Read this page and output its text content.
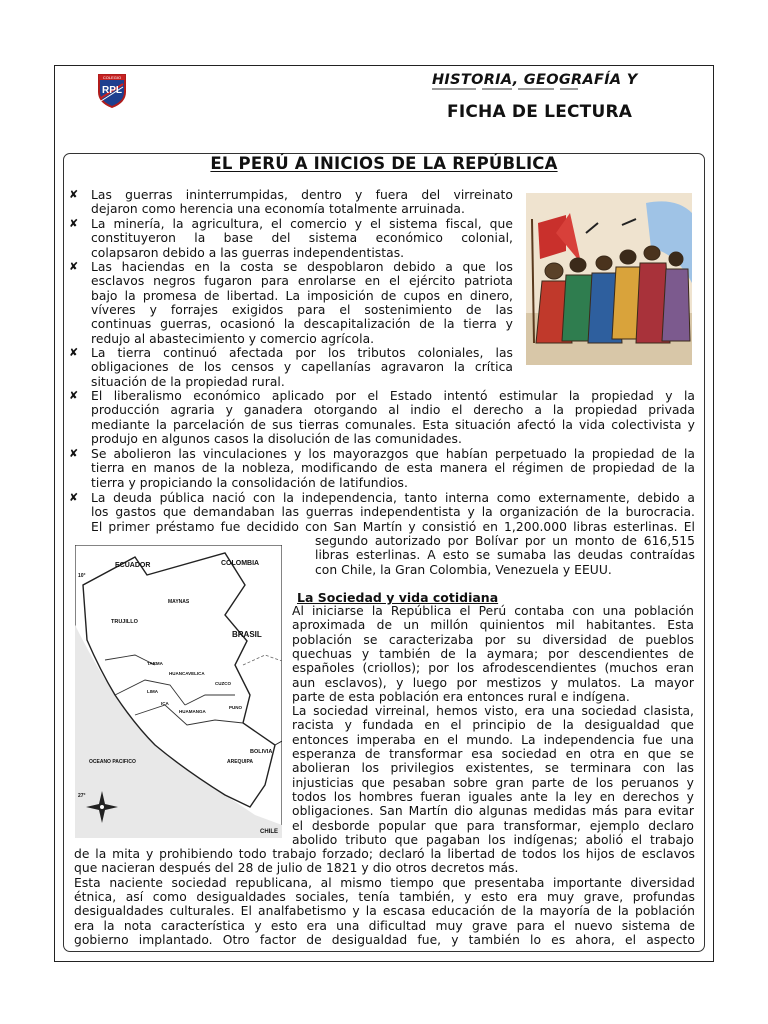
COLEGIO
RPL
HISTORIA, GEOGRAFÍA Y
FICHA DE LECTURA
EL PERÚ A INICIOS DE LA REPÚBLICA
✘ Las guerras ininterrumpidas, dentro y fuera del virreinato
dejaron como herencia una economía totalmente arruinada.
✘ La minería, la agricultura, el comercio y el sistema fiscal, que
constituyeron la base del sistema económico colonial,
colapsaron debido a las guerras independentistas.
✘ Las haciendas en la costa se despoblaron debido a que los
esclavos negros fugaron para enrolarse en el ejército patriota
bajo la promesa de libertad. La imposición de cupos en dinero,
víveres y forrajes exigidos para el sostenimiento de las
continuas guerras, ocasionó la descapitalización de la tierra y
redujo al abastecimiento y comercio agrícola.
✘ La tierra continuó afectada por los tributos coloniales, las
obligaciones de los censos y capellanías agravaron la crítica
situación de la propiedad rural.
✘ El liberalismo económico aplicado por el Estado intentó estimular la propiedad y la
producción agraria y ganadera otorgando al indio el derecho a la propiedad privada
mediante la parcelación de sus tierras comunales. Esta situación afectó la vida colectivista y
produjo en algunos casos la disolución de las comunidades.
✘ Se abolieron las vinculaciones y los mayorazgos que habían perpetuado la propiedad de la
tierra en manos de la nobleza, modificando de esta manera el régimen de propiedad de la
tierra y propiciando la consolidación de latifundios.
✘ La deuda pública nació con la independencia, tanto interna como externamente, debido a
los gastos que demandaban las guerras independentista y la organización de la burocracia.
El primer préstamo fue decidido con San Martín y consistió en 1,200.000 libras esterlinas. El
segundo autorizado por Bolívar por un monto de 616,515
libras esterlinas. A esto se sumaba las deudas contraídas
con Chile, la Gran Colombia, Venezuela y EEUU.
ECUADOR	COLOMBIA
MAYNAS
TRUJILLO
BRASIL
TARMA
HUANCAVELICA
HUAMANGA
CUZCO
PUNO
AREQUIPA
BOLIVIA
OCEANO PACIFICO
CHILE
LIMA
ICA
10°
27°
La Sociedad y vida cotidiana
Al iniciarse la República el Perú contaba con una población
aproximada de un millón quinientos mil habitantes. Esta
población se caracterizaba por su diversidad de pueblos
quechuas y también de la aymara; por descendientes de
españoles (criollos); por los afrodescendientes (muchos eran
aun esclavos), y luego por mestizos y mulatos. La mayor
parte de esta población era entonces rural e indígena.
La sociedad virreinal, hemos visto, era una sociedad clasista,
racista y fundada en el principio de la desigualdad que
entonces imperaba en el mundo. La independencia fue una
esperanza de transformar esa sociedad en otra en que se
abolieran los privilegios existentes, se terminara con las
injusticias que pesaban sobre gran parte de los peruanos y
todos los hombres fueran iguales ante la ley en derechos y
obligaciones. San Martín dio algunas medidas más para evitar
el desborde popular que para transformar, ejemplo declaro
abolido tributo que pagaban los indígenas; abolió el trabajo
de la mita y prohibiendo todo trabajo forzado; declaró la libertad de todos los hijos de esclavos
que nacieran después del 28 de julio de 1821 y dio otros decretos más.
Esta naciente sociedad republicana, al mismo tiempo que presentaba importante diversidad
étnica, así como desigualdades sociales, tenía también, y esto era muy grave, profundas
desigualdades culturales. El analfabetismo y la escasa educación de la mayoría de la población
era la nota característica y esto era una dificultad muy grave para el nuevo sistema de
gobierno implantado. Otro factor de desigualdad fue, y también lo es ahora, el aspecto
